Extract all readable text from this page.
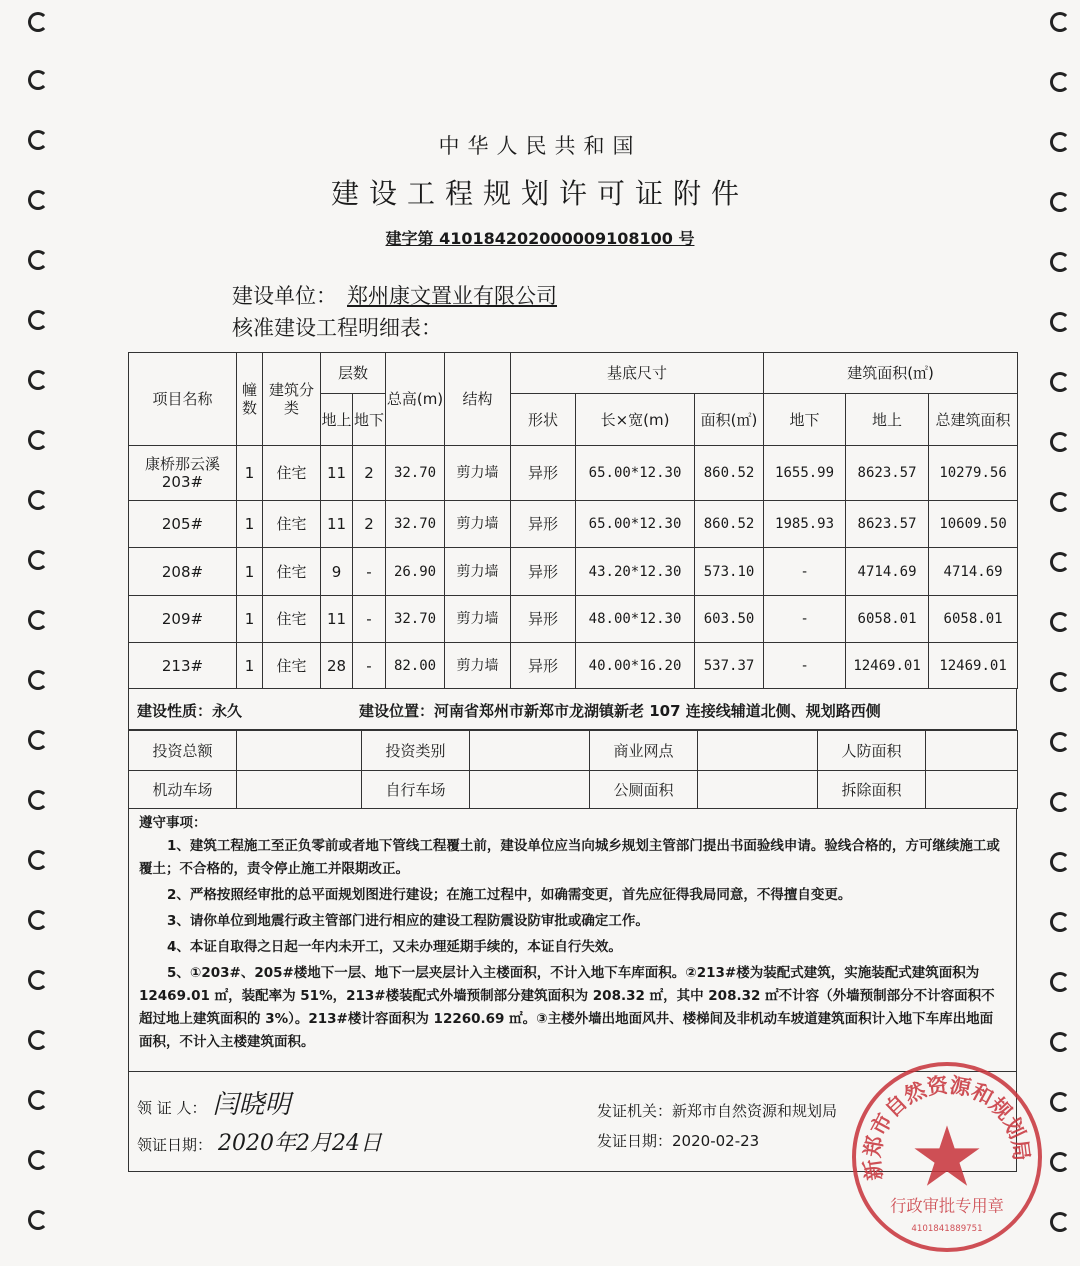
中华人民共和国
建设工程规划许可证附件
建字第 410184202000009108100 号
建设单位： 郑州康文置业有限公司
核准建设工程明细表：
项目名称	幢数	建筑分类	层数		总高(m)	结构	基底尺寸			建筑面积(㎡)		
			地上	地下			形状	长×宽(m)	面积(㎡)	地下	地上	总建筑面积
康桥那云溪203#	1	住宅	11	2	32.70	剪力墙	异形	65.00*12.30	860.52	1655.99	8623.57	10279.56
205#	1	住宅	11	2	32.70	剪力墙	异形	65.00*12.30	860.52	1985.93	8623.57	10609.50
208#	1	住宅	9	-	26.90	剪力墙	异形	43.20*12.30	573.10	-	4714.69	4714.69
209#	1	住宅	11	-	32.70	剪力墙	异形	48.00*12.30	603.50	-	6058.01	6058.01
213#	1	住宅	28	-	82.00	剪力墙	异形	40.00*16.20	537.37	-	12469.01	12469.01
建设性质：永久	建设位置：河南省郑州市新郑市龙湖镇新老 107 连接线辅道北侧、规划路西侧
投资总额		投资类别		商业网点		人防面积	
机动车场		自行车场		公厕面积		拆除面积	
遵守事项：

1、建筑工程施工至正负零前或者地下管线工程覆土前，建设单位应当向城乡规划主管部门提出书面验线申请。验线合格的，方可继续施工或覆土；不合格的，责令停止施工并限期改正。

2、严格按照经审批的总平面规划图进行建设；在施工过程中，如确需变更，首先应征得我局同意，不得擅自变更。

3、请你单位到地震行政主管部门进行相应的建设工程防震设防审批或确定工作。

4、本证自取得之日起一年内未开工，又未办理延期手续的，本证自行失效。

5、①203#、205#楼地下一层、地下一层夹层计入主楼面积，不计入地下车库面积。②213#楼为装配式建筑，实施装配式建筑面积为 12469.01 ㎡，装配率为 51%，213#楼装配式外墙预制部分建筑面积为 208.32 ㎡，其中 208.32 ㎡不计容（外墙预制部分不计容面积不超过地上建筑面积的 3%）。213#楼计容面积为 12260.69 ㎡。③主楼外墙出地面风井、楼梯间及非机动车坡道建筑面积计入地下车库出地面面积，不计入主楼建筑面积。

领 证 人： 闫晓明
领证日期： 2020年2月24日
发证机关：新郑市自然资源和规划局
发证日期：2020-02-23
新郑市自然资源和规划局
行政审批专用章
4101841889751
